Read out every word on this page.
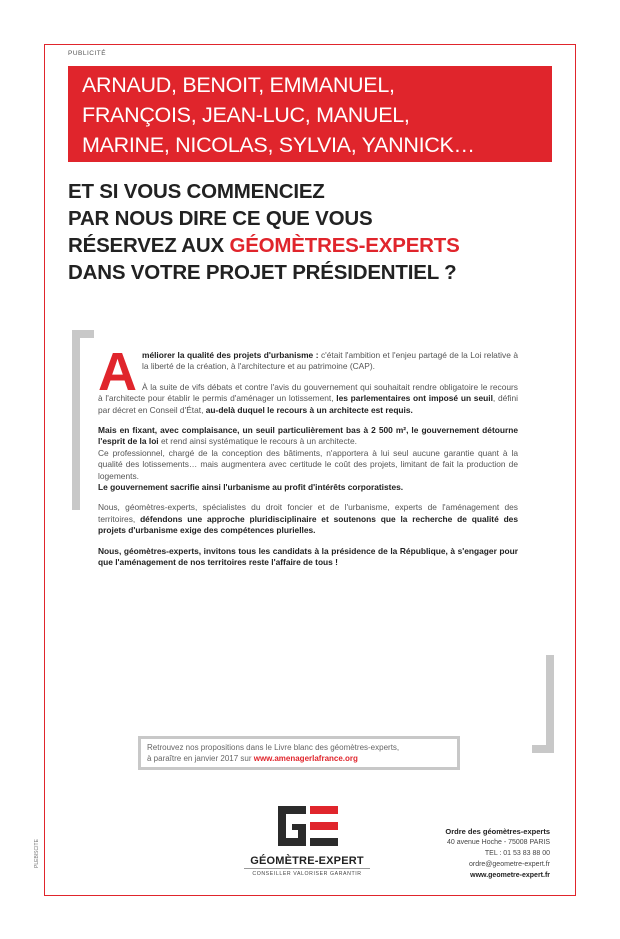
PUBLICITÉ
ARNAUD, BENOIT, EMMANUEL,
FRANÇOIS, JEAN-LUC, MANUEL,
MARINE, NICOLAS, SYLVIA, YANNICK…
ET SI VOUS COMMENCIEZ
PAR NOUS DIRE CE QUE VOUS
RÉSERVEZ AUX GÉOMÈTRES-EXPERTS
DANS VOTRE PROJET PRÉSIDENTIEL ?

Améliorer la qualité des projets d'urbanisme : c'était l'ambition et l'enjeu partagé de la Loi relative à la liberté de la création, à l'architecture et au patrimoine (CAP).

À la suite de vifs débats et contre l'avis du gouvernement qui souhaitait rendre obligatoire le recours à l'architecte pour établir le permis d'aménager un lotissement, les parlementaires ont imposé un seuil, défini par décret en Conseil d'État, au-delà duquel le recours à un architecte est requis.

Mais en fixant, avec complaisance, un seuil particulièrement bas à 2 500 m², le gouvernement détourne l'esprit de la loi et rend ainsi systématique le recours à un architecte.
Ce professionnel, chargé de la conception des bâtiments, n'apportera à lui seul aucune garantie quant à la qualité des lotissements… mais augmentera avec certitude le coût des projets, limitant de fait la production de logements.
Le gouvernement sacrifie ainsi l'urbanisme au profit d'intérêts corporatistes.

Nous, géomètres-experts, spécialistes du droit foncier et de l'urbanisme, experts de l'aménagement des territoires, défendons une approche pluridisciplinaire et soutenons que la recherche de qualité des projets d'urbanisme exige des compétences plurielles.

Nous, géomètres-experts, invitons tous les candidats à la présidence de la République, à s'engager pour que l'aménagement de nos territoires reste l'affaire de tous !

Retrouvez nos propositions dans le Livre blanc des géomètres-experts,
à paraître en janvier 2017 sur www.amenagerlafrance.org
GÉOMÈTRE-EXPERT
CONSEILLER VALORISER GARANTIR
Ordre des géomètres-experts
40 avenue Hoche - 75008 PARIS
TEL : 01 53 83 88 00
ordre@geometre-expert.fr
www.geometre-expert.fr
PLEBISCITE
